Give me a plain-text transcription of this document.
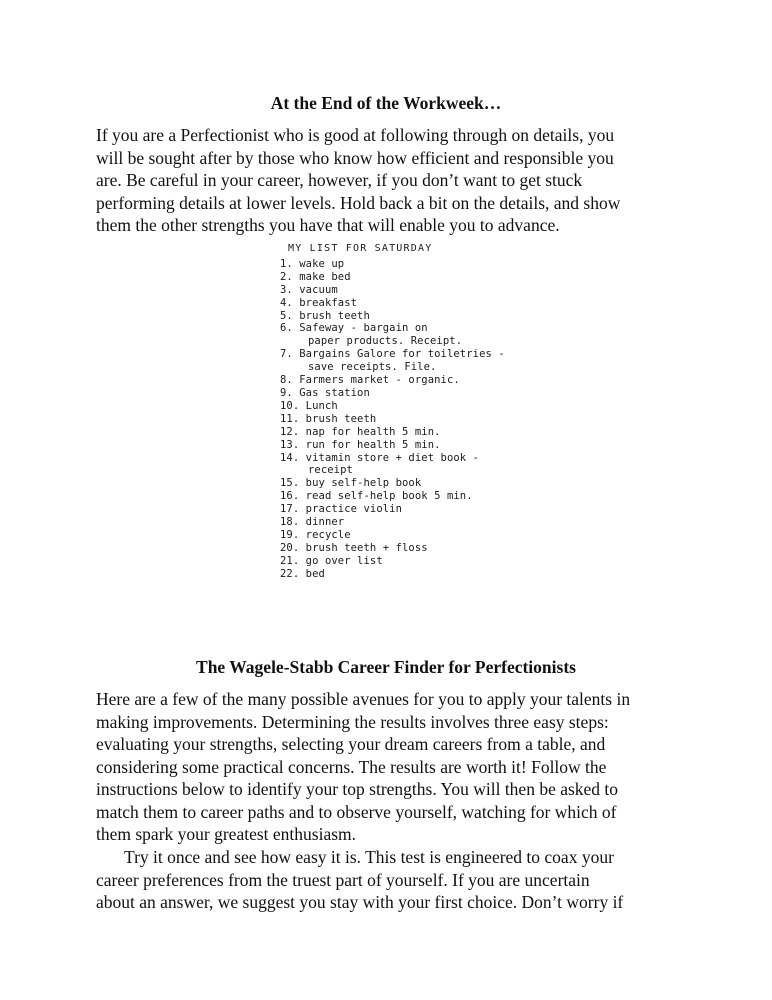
At the End of the Workweek…

If you are a Perfectionist who is good at following through on details, you
will be sought after by those who know how efficient and responsible you
are. Be careful in your career, however, if you don’t want to get stuck
performing details at lower levels. Hold back a bit on the details, and show
them the other strengths you have that will enable you to advance.

MY LIST FOR SATURDAY
1. wake up
2. make bed
3. vacuum
4. breakfast
5. brush teeth
6. Safeway - bargain on
paper products. Receipt.
7. Bargains Galore for toiletries -
save receipts. File.
8. Farmers market - organic.
9. Gas station
10. Lunch
11. brush teeth
12. nap for health 5 min.
13. run for health 5 min.
14. vitamin store + diet book -
receipt
15. buy self-help book
16. read self-help book 5 min.
17. practice violin
18. dinner
19. recycle
20. brush teeth + floss
21. go over list
22. bed
The Wagele-Stabb Career Finder for Perfectionists

Here are a few of the many possible avenues for you to apply your talents in
making improvements. Determining the results involves three easy steps:
evaluating your strengths, selecting your dream careers from a table, and
considering some practical concerns. The results are worth it! Follow the
instructions below to identify your top strengths. You will then be asked to
match them to career paths and to observe yourself, watching for which of
them spark your greatest enthusiasm.

Try it once and see how easy it is. This test is engineered to coax your
career preferences from the truest part of yourself. If you are uncertain
about an answer, we suggest you stay with your first choice. Don’t worry if
